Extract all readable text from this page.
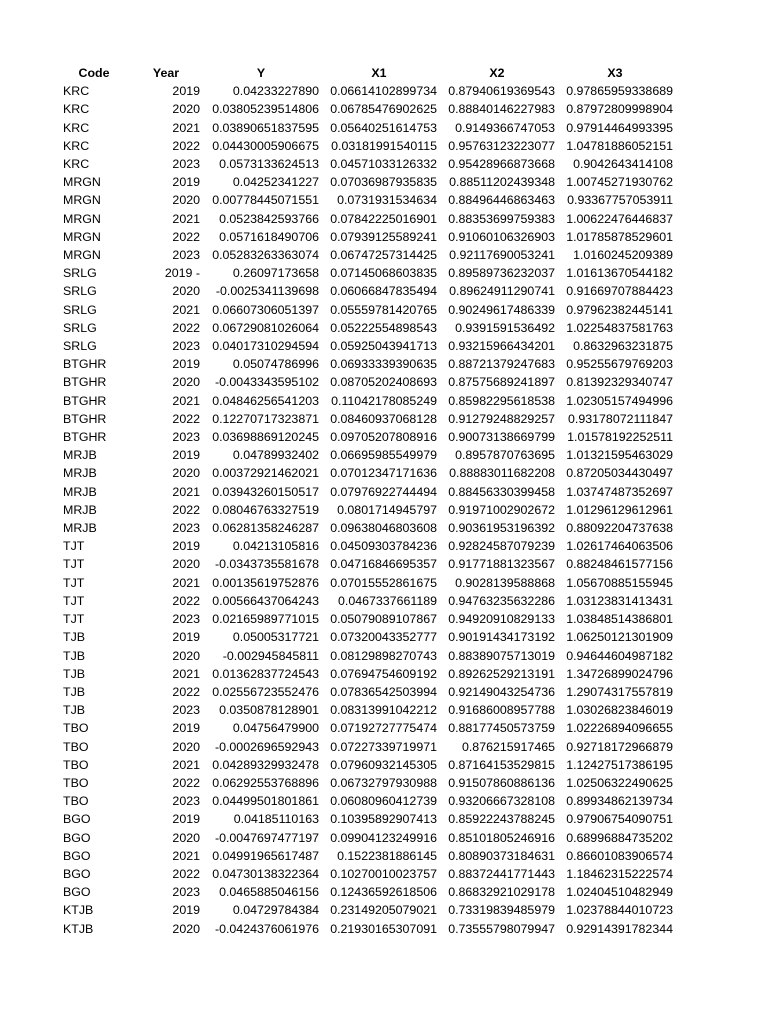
Code	Year	Y	X1	X2	X3
KRC	2019	0.04233227890	0.06614102899734	0.87940619369543	0.97865959338689
KRC	2020	0.03805239514806	0.06785476902625	0.88840146227983	0.87972809998904
KRC	2021	0.03890651837595	0.05640251614753	0.9149366747053	0.97914464993395
KRC	2022	0.04430005906675	0.03181991540115	0.95763123223077	1.04781886052151
KRC	2023	0.0573133624513	0.04571033126332	0.95428966873668	0.9042643414108
MRGN	2019	0.04252341227	0.07036987935835	0.88511202439348	1.00745271930762
MRGN	2020	0.00778445071551	0.0731931534634	0.88496446863463	0.93367757053911
MRGN	2021	0.0523842593766	0.07842225016901	0.88353699759383	1.00622476446837
MRGN	2022	0.0571618490706	0.07939125589241	0.91060106326903	1.01785878529601
MRGN	2023	0.05283263363074	0.06747257314425	0.92117690053241	1.0160245209389
SRLG	2019 -	0.26097173658	0.07145068603835	0.89589736232037	1.01613670544182
SRLG	2020	-0.0025341139698	0.06066847835494	0.89624911290741	0.91669707884423
SRLG	2021	0.06607306051397	0.05559781420765	0.90249617486339	0.97962382445141
SRLG	2022	0.06729081026064	0.05222554898543	0.9391591536492	1.02254837581763
SRLG	2023	0.04017310294594	0.05925043941713	0.93215966434201	0.8632963231875
BTGHR	2019	0.05074786996	0.06933339390635	0.88721379247683	0.95255679769203
BTGHR	2020	-0.0043343595102	0.08705202408693	0.87575689241897	0.81392329340747
BTGHR	2021	0.04846256541203	0.11042178085249	0.85982295618538	1.02305157494996
BTGHR	2022	0.12270717323871	0.08460937068128	0.91279248829257	0.93178072111847
BTGHR	2023	0.03698869120245	0.09705207808916	0.90073138669799	1.01578192252511
MRJB	2019	0.04789932402	0.06695985549979	0.8957870763695	1.01321595463029
MRJB	2020	0.00372921462021	0.07012347171636	0.88883011682208	0.87205034430497
MRJB	2021	0.03943260150517	0.07976922744494	0.88456330399458	1.03747487352697
MRJB	2022	0.08046763327519	0.0801714945797	0.91971002902672	1.01296129612961
MRJB	2023	0.06281358246287	0.09638046803608	0.90361953196392	0.88092204737638
TJT	2019	0.04213105816	0.04509303784236	0.92824587079239	1.02617464063506
TJT	2020	-0.0343735581678	0.04716846695357	0.91771881323567	0.88248461577156
TJT	2021	0.00135619752876	0.07015552861675	0.9028139588868	1.05670885155945
TJT	2022	0.00566437064243	0.0467337661189	0.94763235632286	1.03123831413431
TJT	2023	0.02165989771015	0.05079089107867	0.94920910829133	1.03848514386801
TJB	2019	0.05005317721	0.07320043352777	0.90191434173192	1.06250121301909
TJB	2020	-0.002945845811	0.08129898270743	0.88389075713019	0.94644604987182
TJB	2021	0.01362837724543	0.07694754609192	0.89262529213191	1.34726899024796
TJB	2022	0.02556723552476	0.07836542503994	0.92149043254736	1.29074317557819
TJB	2023	0.0350878128901	0.08313991042212	0.91686008957788	1.03026823846019
TBO	2019	0.04756479900	0.07192727775474	0.88177450573759	1.02226894096655
TBO	2020	-0.0002696592943	0.07227339719971	0.876215917465	0.92718172966879
TBO	2021	0.04289329932478	0.07960932145305	0.87164153529815	1.12427517386195
TBO	2022	0.06292553768896	0.06732797930988	0.91507860886136	1.02506322490625
TBO	2023	0.04499501801861	0.06080960412739	0.93206667328108	0.89934862139734
BGO	2019	0.04185110163	0.10395892907413	0.85922243788245	0.97906754090751
BGO	2020	-0.0047697477197	0.09904123249916	0.85101805246916	0.68996884735202
BGO	2021	0.04991965617487	0.1522381886145	0.80890373184631	0.86601083906574
BGO	2022	0.04730138322364	0.10270010023757	0.88372441771443	1.18462315222574
BGO	2023	0.0465885046156	0.12436592618506	0.86832921029178	1.02404510482949
KTJB	2019	0.04729784384	0.23149205079021	0.73319839485979	1.02378844010723
KTJB	2020	-0.0424376061976	0.21930165307091	0.73555798079947	0.92914391782344
